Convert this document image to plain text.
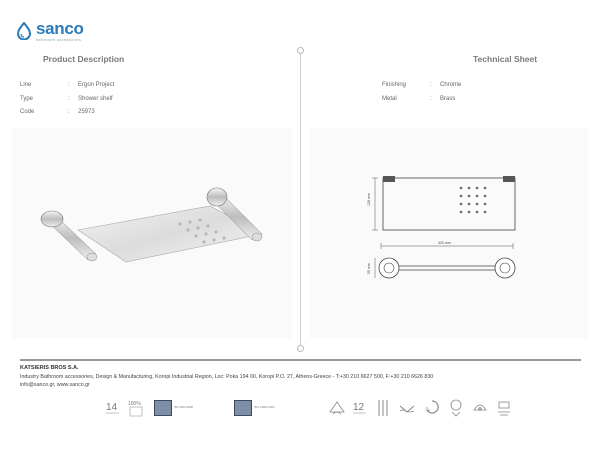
sanco
bathroom accessories
Product Description	Technical Sheet
Line	:	Ergon Project
Type	:	Shower shelf
Code	:	25973
Finishing	:	Chrome
Metal	:	Brass
128 mm
320 mm
55 mm
KATSIERIS BROS S.A.
Industry Bathroom accessories, Design & Manufacturing, Koropi Industrial Region, Loc: Poka 194 00, Koropi P.O. 27, Athens-Greece - T:+30 210 6627 500, F:+30 210 6626 830
info@sanco.gr, www.sanco.gr
14 100%
ISO 9001:2008	ISO 14001:2004	12
